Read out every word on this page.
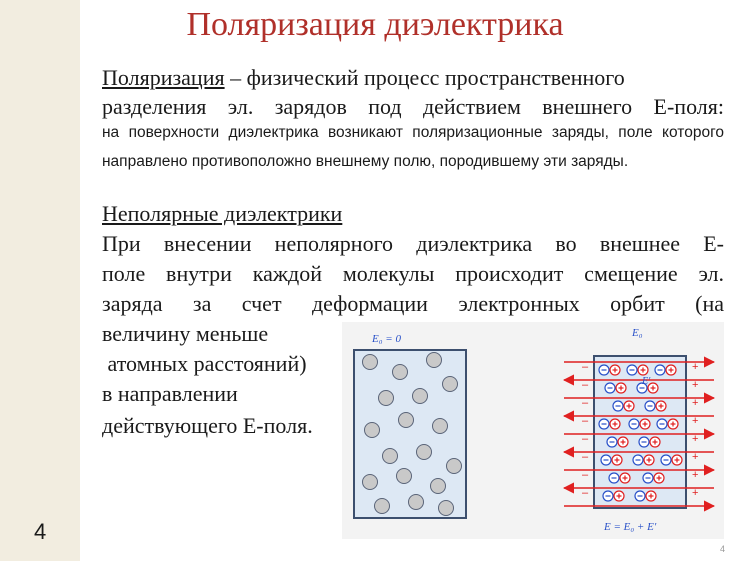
Поляризация диэлектрика

Поляризация – физический процесс пространственного

разделения эл. зарядов под действием внешнего Е-поля:

на поверхности диэлектрика возникают поляризационные заряды, поле которого направлено противоположно внешнему полю, породившему эти заряды.

Неполярные диэлектрики

При внесении неполярного диэлектрика во внешнее Е-

поле внутри каждой молекулы происходит смещение эл.

заряда за счет деформации электронных орбит (на

величину меньше

атомных расстояний)

в направлении

действующего Е-поля.

E₀ = 0
–	+
–	+
–	+
–	+
–	+
–	+
–	+
–	+
E₀
E′
E = E₀ + E′
4
4
